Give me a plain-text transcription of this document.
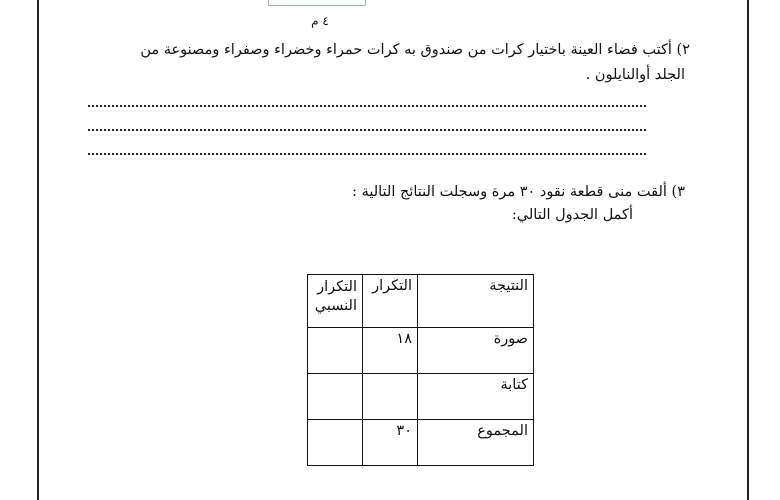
٤ م
٢) أكتب فضاء العينة باختيار كرات من صندوق به كرات حمراء وخضراء وصفراء ومصنوعة من
الجلد أوالنايلون .
٣) ألقت منى قطعة نقود ٣٠ مرة وسجلت النتائج التالية :
أكمل الجدول التالي:
النتيجة	التكرار	التكرار النسبي
صورة	١٨	
كتابة		
المجموع	٣٠	
